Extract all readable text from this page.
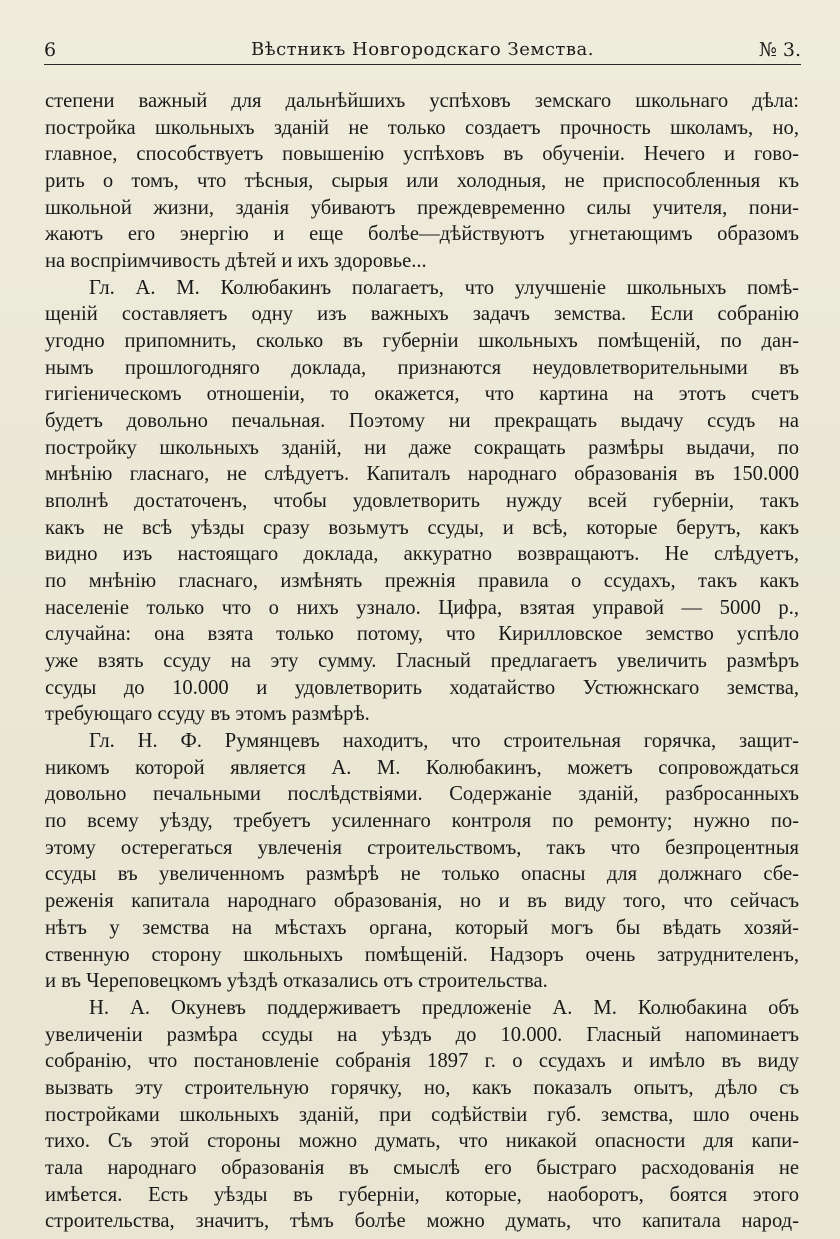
6	Вѣстникъ Новгородскаго Земства.	№ 3.
степени важный для дальнѣйшихъ успѣховъ земскаго школьнаго дѣла:
постройка школьныхъ зданій не только создаетъ прочность школамъ, но,
главное, способствуетъ повышенію успѣховъ въ обученіи. Нечего и гово-
рить о томъ, что тѣсныя, сырыя или холодныя, не приспособленныя къ
школьной жизни, зданія убиваютъ преждевременно силы учителя, пони-
жаютъ его энергію и еще болѣе—дѣйствуютъ угнетающимъ образомъ
на воспріимчивость дѣтей и ихъ здоровье...
Гл. А. М. Колюбакинъ полагаетъ, что улучшеніе школьныхъ помѣ-
щеній составляетъ одну изъ важныхъ задачъ земства. Если собранію
угодно припомнить, сколько въ губерніи школьныхъ помѣщеній, по дан-
нымъ прошлогодняго доклада, признаются неудовлетворительными въ
гигіеническомъ отношеніи, то окажется, что картина на этотъ счетъ
будетъ довольно печальная. Поэтому ни прекращать выдачу ссудъ на
постройку школьныхъ зданій, ни даже сокращать размѣры выдачи, по
мнѣнію гласнаго, не слѣдуетъ. Капиталъ народнаго образованія въ 150.000
вполнѣ достаточенъ, чтобы удовлетворить нужду всей губерніи, такъ
какъ не всѣ уѣзды сразу возьмутъ ссуды, и всѣ, которые берутъ, какъ
видно изъ настоящаго доклада, аккуратно возвращаютъ. Не слѣдуетъ,
по мнѣнію гласнаго, измѣнять прежнія правила о ссудахъ, такъ какъ
населеніе только что о нихъ узнало. Цифра, взятая управой — 5000 р.,
случайна: она взята только потому, что Кирилловское земство успѣло
уже взять ссуду на эту сумму. Гласный предлагаетъ увеличить размѣръ
ссуды до 10.000 и удовлетворить ходатайство Устюжнскаго земства,
требующаго ссуду въ этомъ размѣрѣ.
Гл. Н. Ф. Румянцевъ находитъ, что строительная горячка, защит-
никомъ которой является А. М. Колюбакинъ, можетъ сопровождаться
довольно печальными послѣдствіями. Содержаніе зданій, разбросанныхъ
по всему уѣзду, требуетъ усиленнаго контроля по ремонту; нужно по-
этому остерегаться увлеченія строительствомъ, такъ что безпроцентныя
ссуды въ увеличенномъ размѣрѣ не только опасны для должнаго сбе-
реженія капитала народнаго образованія, но и въ виду того, что сейчасъ
нѣтъ у земства на мѣстахъ органа, который могъ бы вѣдать хозяй-
ственную сторону школьныхъ помѣщеній. Надзоръ очень затруднителенъ,
и въ Череповецкомъ уѣздѣ отказались отъ строительства.
Н. А. Окуневъ поддерживаетъ предложеніе А. М. Колюбакина объ
увеличеніи размѣра ссуды на уѣздъ до 10.000. Гласный напоминаетъ
собранію, что постановленіе собранія 1897 г. о ссудахъ и имѣло въ виду
вызвать эту строительную горячку, но, какъ показалъ опытъ, дѣло съ
постройками школьныхъ зданій, при содѣйствіи губ. земства, шло очень
тихо. Съ этой стороны можно думать, что никакой опасности для капи-
тала народнаго образованія въ смыслѣ его быстраго расходованія не
имѣется. Есть уѣзды въ губерніи, которые, наоборотъ, боятся этого
строительства, значитъ, тѣмъ болѣе можно думать, что капитала народ-
